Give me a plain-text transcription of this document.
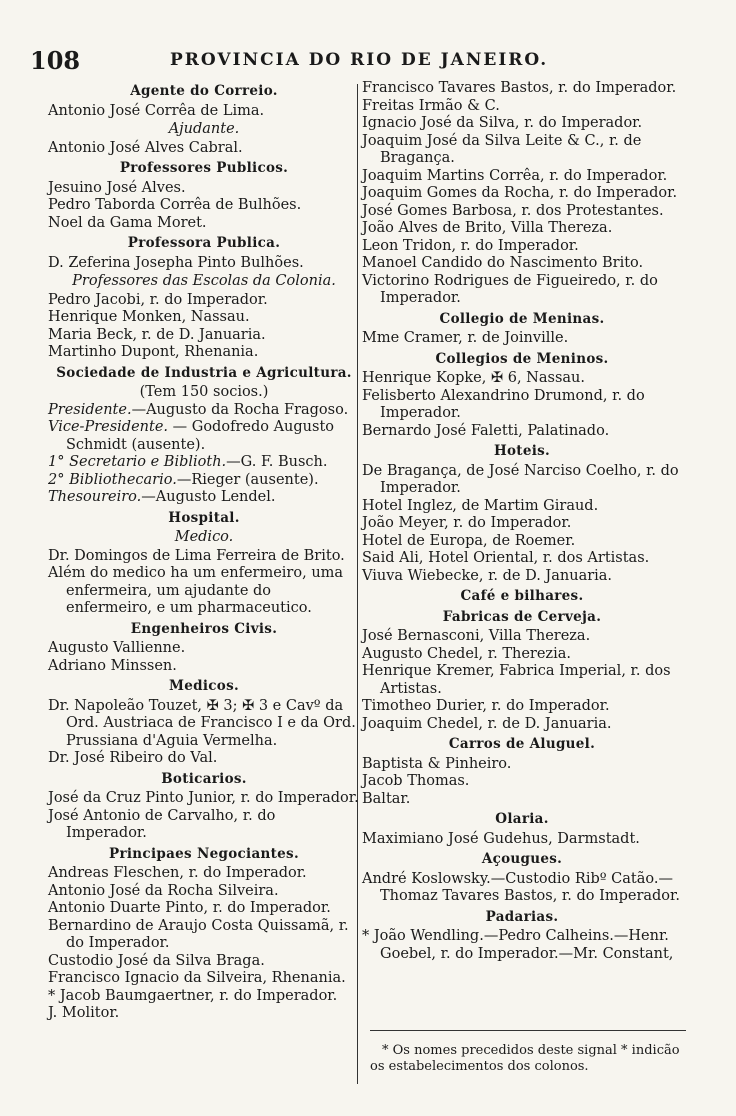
108	PROVINCIA DO RIO DE JANEIRO.
Agente do Correio.
Antonio José Corrêa de Lima.
Ajudante.
Antonio José Alves Cabral.
Professores Publicos.
Jesuino José Alves.
Pedro Taborda Corrêa de Bulhões.
Noel da Gama Moret.
Professora Publica.
D. Zeferina Josepha Pinto Bulhões.
Professores das Escolas da Colonia.
Pedro Jacobi, r. do Imperador.
Henrique Monken, Nassau.
Maria Beck, r. de D. Januaria.
Martinho Dupont, Rhenania.
Sociedade de Industria e Agricultura.
(Tem 150 socios.)
Presidente.—Augusto da Rocha Fragoso.
Vice-Presidente. — Godofredo Augusto Schmidt (ausente).
1° Secretario e Biblioth.—G. F. Busch.
2° Bibliothecario.—Rieger (ausente).
Thesoureiro.—Augusto Lendel.
Hospital.
Medico.
Dr. Domingos de Lima Ferreira de Brito.
Além do medico ha um enfermeiro, uma enfermeira, um ajudante do enfermeiro, e um pharmaceutico.
Engenheiros Civis.
Augusto Vallienne.
Adriano Minssen.
Medicos.
Dr. Napoleão Touzet, ✠ 3; ✠ 3 e Cavº da Ord. Austriaca de Francisco I e da Ord. Prussiana d'Aguia Vermelha.
Dr. José Ribeiro do Val.
Boticarios.
José da Cruz Pinto Junior, r. do Imperador.
José Antonio de Carvalho, r. do Imperador.
Principaes Negociantes.
Andreas Fleschen, r. do Imperador.
Antonio José da Rocha Silveira.
Antonio Duarte Pinto, r. do Imperador.
Bernardino de Araujo Costa Quissamã, r. do Imperador.
Custodio José da Silva Braga.
Francisco Ignacio da Silveira, Rhenania.
* Jacob Baumgaertner, r. do Imperador.
J. Molitor.
Francisco Tavares Bastos, r. do Imperador.
Freitas Irmão & C.
Ignacio José da Silva, r. do Imperador.
Joaquim José da Silva Leite & C., r. de Bragança.
Joaquim Martins Corrêa, r. do Imperador.
Joaquim Gomes da Rocha, r. do Imperador.
José Gomes Barbosa, r. dos Protestantes.
João Alves de Brito, Villa Thereza.
Leon Tridon, r. do Imperador.
Manoel Candido do Nascimento Brito.
Victorino Rodrigues de Figueiredo, r. do Imperador.
Collegio de Meninas.
Mme Cramer, r. de Joinville.
Collegios de Meninos.
Henrique Kopke, ✠ 6, Nassau.
Felisberto Alexandrino Drumond, r. do Imperador.
Bernardo José Faletti, Palatinado.
Hoteis.
De Bragança, de José Narciso Coelho, r. do Imperador.
Hotel Inglez, de Martim Giraud.
João Meyer, r. do Imperador.
Hotel de Europa, de Roemer.
Said Ali, Hotel Oriental, r. dos Artistas.
Viuva Wiebecke, r. de D. Januaria.
Café e bilhares.
Fabricas de Cerveja.
José Bernasconi, Villa Thereza.
Augusto Chedel, r. Therezia.
Henrique Kremer, Fabrica Imperial, r. dos Artistas.
Timotheo Durier, r. do Imperador.
Joaquim Chedel, r. de D. Januaria.
Carros de Aluguel.
Baptista & Pinheiro.
Jacob Thomas.
Baltar.
Olaria.
Maximiano José Gudehus, Darmstadt.
Açougues.
André Koslowsky.—Custodio Ribº Catão.—Thomaz Tavares Bastos, r. do Imperador.
Padarias.
* João Wendling.—Pedro Calheins.—Henr. Goebel, r. do Imperador.—Mr. Constant,
* Os nomes precedidos deste signal * indicão os estabelecimentos dos colonos.
